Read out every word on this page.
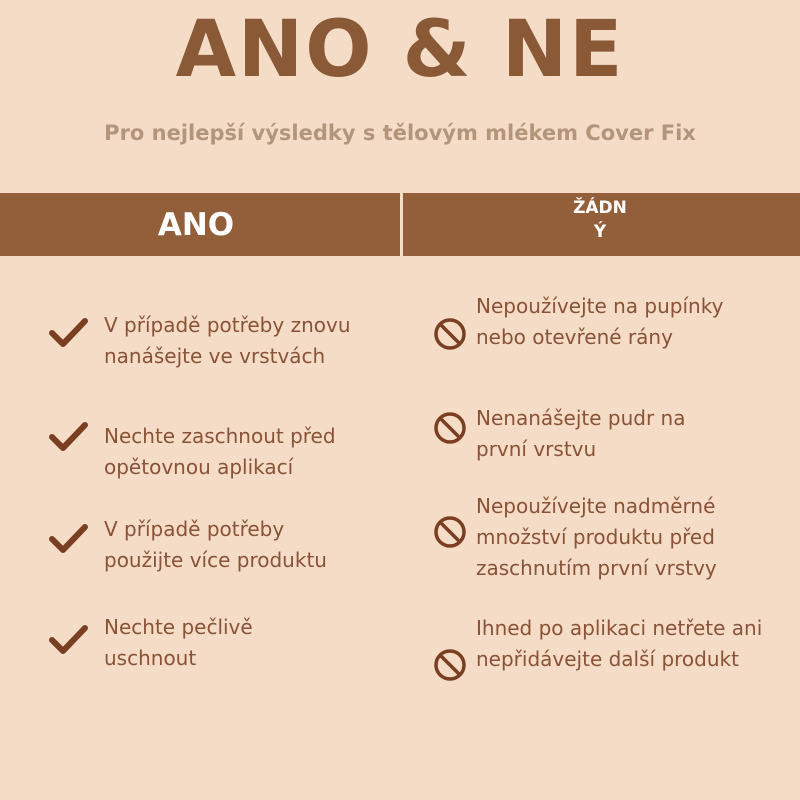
ANO & NE
Pro nejlepší výsledky s tělovým mlékem Cover Fix
ANO	ŽÁDNÝ
V případě potřeby znovu nanášejte ve vrstvách
Nechte zaschnout před opětovnou aplikací
V případě potřeby použijte více produktu
Nechte pečlivě uschnout
Nepoužívejte na pupínky nebo otevřené rány
Nenanášejte pudr na první vrstvu
Nepoužívejte nadměrné množství produktu před zaschnutím první vrstvy
Ihned po aplikaci netřete ani nepřidávejte další produkt
